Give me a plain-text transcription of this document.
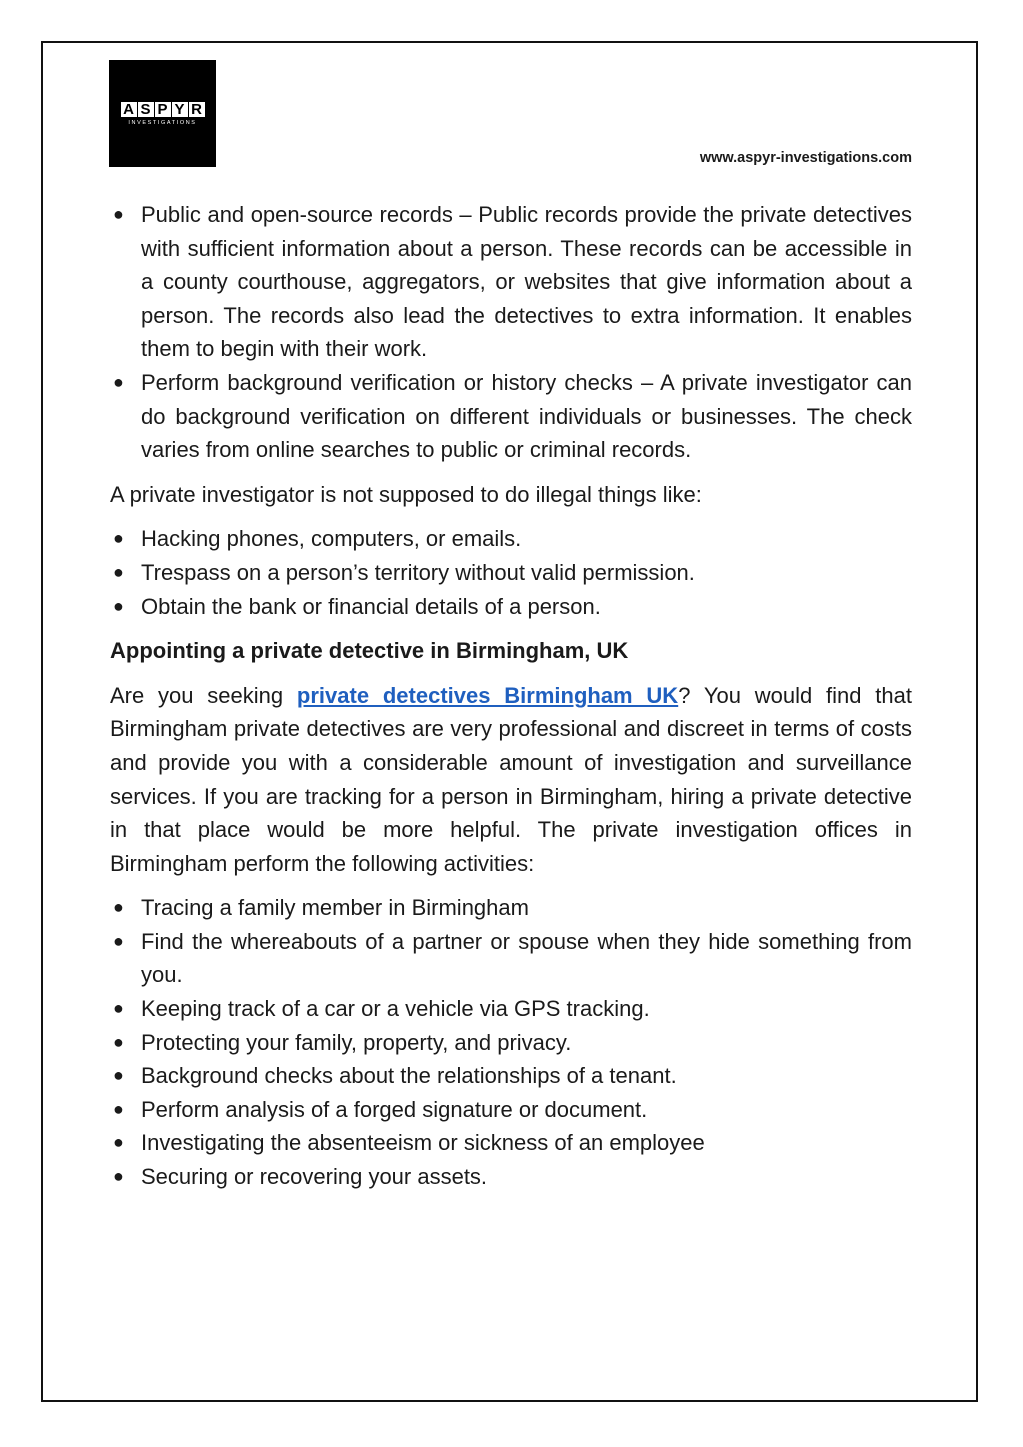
A S P Y R
INVESTIGATIONS
www.aspyr-investigations.com
● Public and open-source records – Public records provide the private detectives with sufficient information about a person. These records can be accessible in a county courthouse, aggregators, or websites that give information about a person. The records also lead the detectives to extra information. It enables them to begin with their work.
● Perform background verification or history checks – A private investigator can do background verification on different individuals or businesses. The check varies from online searches to public or criminal records.

A private investigator is not supposed to do illegal things like:

● Hacking phones, computers, or emails.
● Trespass on a person’s territory without valid permission.
● Obtain the bank or financial details of a person.

Appointing a private detective in Birmingham, UK

Are you seeking private detectives Birmingham UK? You would find that Birmingham private detectives are very professional and discreet in terms of costs and provide you with a considerable amount of investigation and surveillance services. If you are tracking for a person in Birmingham, hiring a private detective in that place would be more helpful. The private investigation offices in Birmingham perform the following activities:

● Tracing a family member in Birmingham
● Find the whereabouts of a partner or spouse when they hide something from you.
● Keeping track of a car or a vehicle via GPS tracking.
● Protecting your family, property, and privacy.
● Background checks about the relationships of a tenant.
● Perform analysis of a forged signature or document.
● Investigating the absenteeism or sickness of an employee
● Securing or recovering your assets.
